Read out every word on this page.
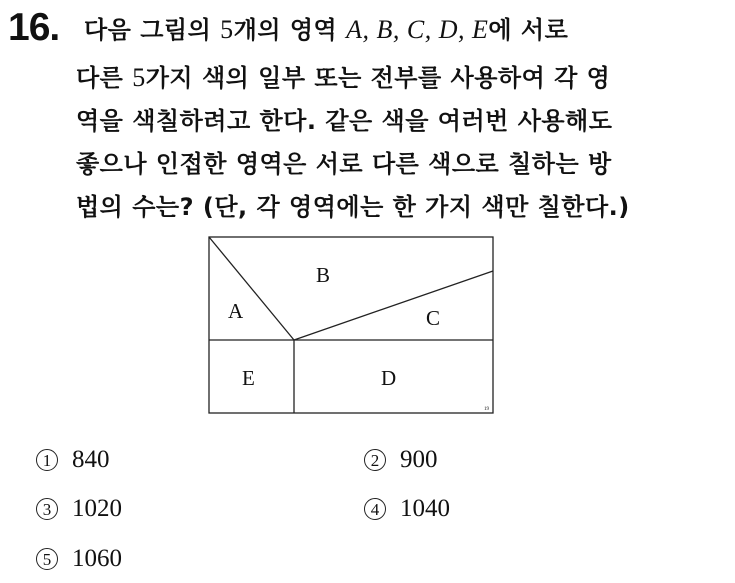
16. 다음 그림의 5개의 영역 A, B, C, D, E에 서로
다른 5가지 색의 일부 또는 전부를 사용하여 각 영
역을 색칠하려고 한다. 같은 색을 여러번 사용해도
좋으나 인접한 영역은 서로 다른 색으로 칠하는 방
법의 수는? (단, 각 영역에는 한 가지 색만 칠한다.)
A
B
C
D
E
19
1 840	2 900
3 1020	4 1040
5 1060
